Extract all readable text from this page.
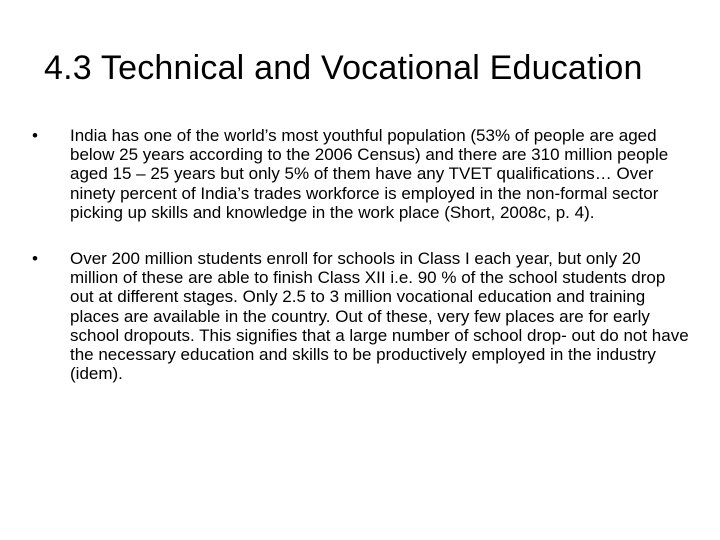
4.3 Technical and Vocational Education
•	India has one of the world’s most youthful population (53% of people are aged below 25 years according to the 2006 Census) and there are 310 million people aged 15 – 25 years but only 5% of them have any TVET qualifications… Over ninety percent of India’s trades workforce is employed in the non-formal sector picking up skills and knowledge in the work place (Short, 2008c, p. 4).
•	Over 200 million students enroll for schools in Class I each year, but only 20 million of these are able to finish Class XII i.e. 90 % of the school students drop out at different stages. Only 2.5 to 3 million vocational education and training places are available in the country. Out of these, very few places are for early school dropouts. This signifies that a large number of school drop- out do not have the necessary education and skills to be productively employed in the industry (idem).
